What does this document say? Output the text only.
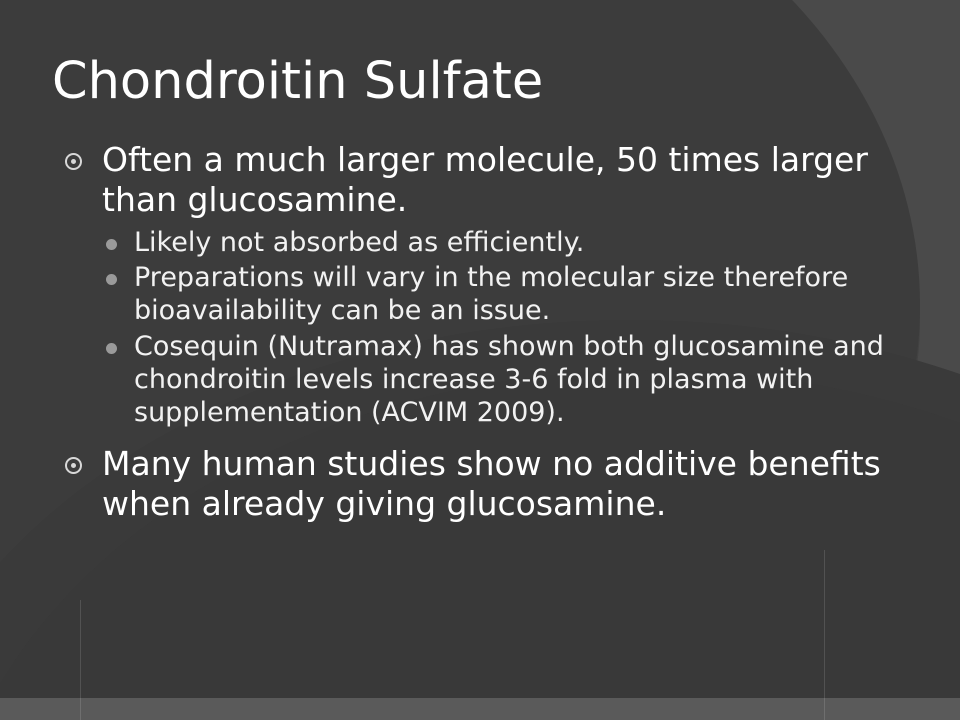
Chondroitin Sulfate
Often a much larger molecule, 50 times larger than glucosamine.
Likely not absorbed as efficiently.
Preparations will vary in the molecular size therefore bioavailability can be an issue.
Cosequin (Nutramax) has shown both glucosamine and chondroitin levels increase 3-6 fold in plasma with supplementation (ACVIM 2009).
Many human studies show no additive benefits when already giving glucosamine.
